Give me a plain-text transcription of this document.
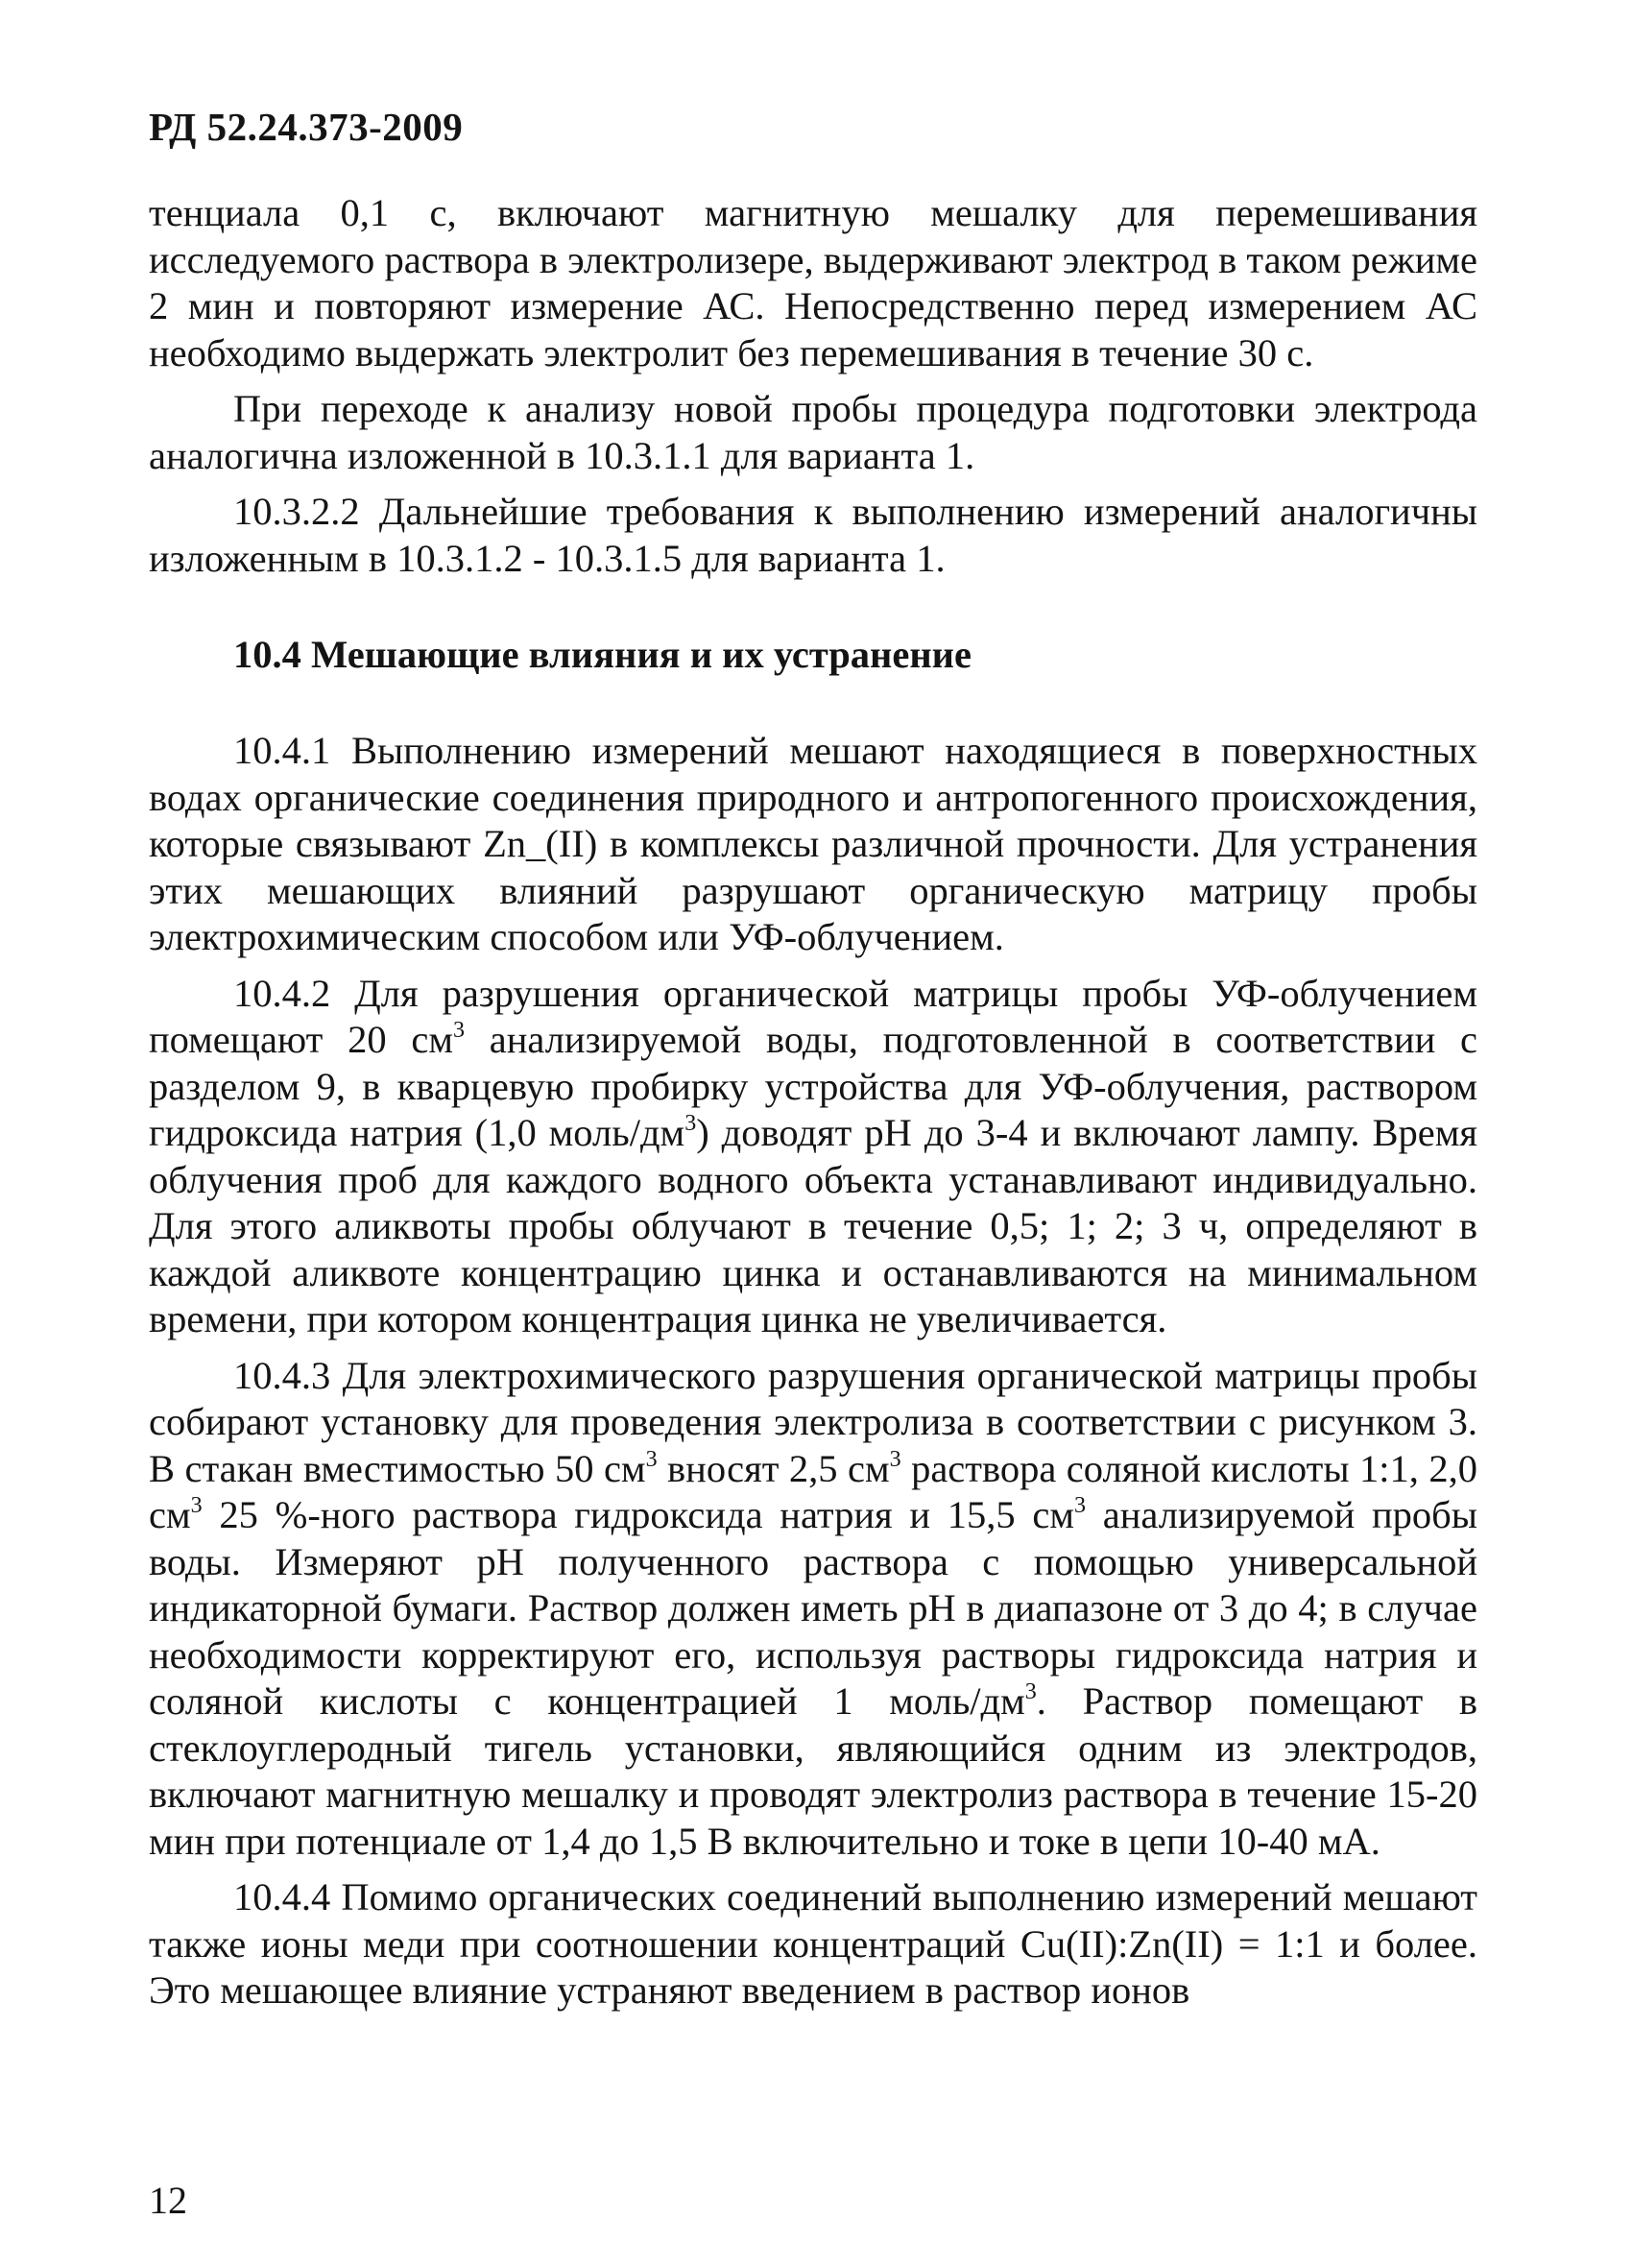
РД 52.24.373-2009

тенциала 0,1 с, включают магнитную мешалку для перемешивания исследуемого раствора в электролизере, выдерживают электрод в таком режиме 2 мин и повторяют измерение АС. Непосредственно перед измерением АС необходимо выдержать электролит без перемешивания в течение 30 с.

При переходе к анализу новой пробы процедура подготовки электрода аналогична изложенной в 10.3.1.1 для варианта 1.

10.3.2.2 Дальнейшие требования к выполнению измерений аналогичны изложенным в 10.3.1.2 - 10.3.1.5 для варианта 1.

10.4 Мешающие влияния и их устранение

10.4.1 Выполнению измерений мешают находящиеся в поверхностных водах органические соединения природного и антропогенного происхождения, которые связывают Zn_(II) в комплексы различной прочности. Для устранения этих мешающих влияний разрушают органическую матрицу пробы электрохимическим способом или УФ-облучением.

10.4.2 Для разрушения органической матрицы пробы УФ-облучением помещают 20 $см^3$ анализируемой воды, подготовленной в соответствии с разделом 9, в кварцевую пробирку устройства для УФ-облучения, раствором гидроксида натрия (1,0 моль/$дм^3$) доводят рН до 3-4 и включают лампу. Время облучения проб для каждого водного объекта устанавливают индивидуально. Для этого аликвоты пробы облучают в течение 0,5; 1; 2; 3 ч, определяют в каждой аликвоте концентрацию цинка и останавливаются на минимальном времени, при котором концентрация цинка не увеличивается.

10.4.3 Для электрохимического разрушения органической матрицы пробы собирают установку для проведения электролиза в соответствии с рисунком 3. В стакан вместимостью 50 $см^3$ вносят 2,5 $см^3$ раствора соляной кислоты 1:1, 2,0 $см^3$ 25 %-ного раствора гидроксида натрия и 15,5 $см^3$ анализируемой пробы воды. Измеряют рН полученного раствора с помощью универсальной индикаторной бумаги. Раствор должен иметь рН в диапазоне от 3 до 4; в случае необходимости корректируют его, используя растворы гидроксида натрия и соляной кислоты с концентрацией 1 моль/$дм^3$. Раствор помещают в стеклоуглеродный тигель установки, являющийся одним из электродов, включают магнитную мешалку и проводят электролиз раствора в течение 15-20 мин при потенциале от 1,4 до 1,5 В включительно и токе в цепи 10-40 мА.

10.4.4 Помимо органических соединений выполнению измерений мешают также ионы меди при соотношении концентраций Cu(II):Zn(II) = 1:1 и более. Это мешающее влияние устраняют введением в раствор ионов

12
